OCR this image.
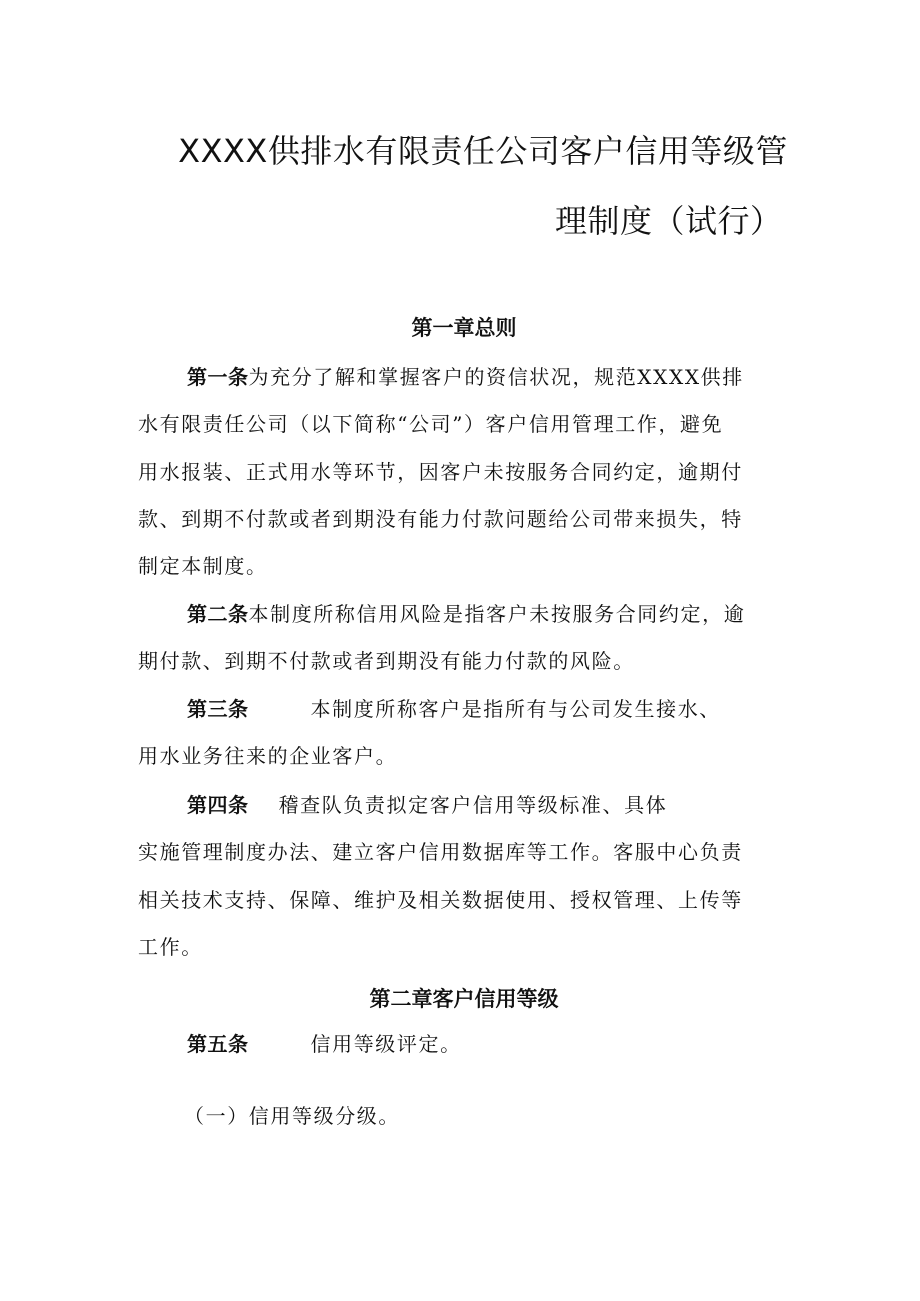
XXXX供排水有限责任公司客户信用等级管
理制度（试行）
第一章总则
第一条为充分了解和掌握客户的资信状况，规范XXXX供排
水有限责任公司（以下简称“公司”）客户信用管理工作，避免
用水报装、正式用水等环节，因客户未按服务合同约定，逾期付
款、到期不付款或者到期没有能力付款问题给公司带来损失，特
制定本制度。
第二条本制度所称信用风险是指客户未按服务合同约定，逾
期付款、到期不付款或者到期没有能力付款的风险。
第三条	本制度所称客户是指所有与公司发生接水、
用水业务往来的企业客户。
第四条 稽查队负责拟定客户信用等级标准、具体
实施管理制度办法、建立客户信用数据库等工作。客服中心负责
相关技术支持、保障、维护及相关数据使用、授权管理、上传等
工作。
第二章客户信用等级
第五条	信用等级评定。
（一）信用等级分级。
